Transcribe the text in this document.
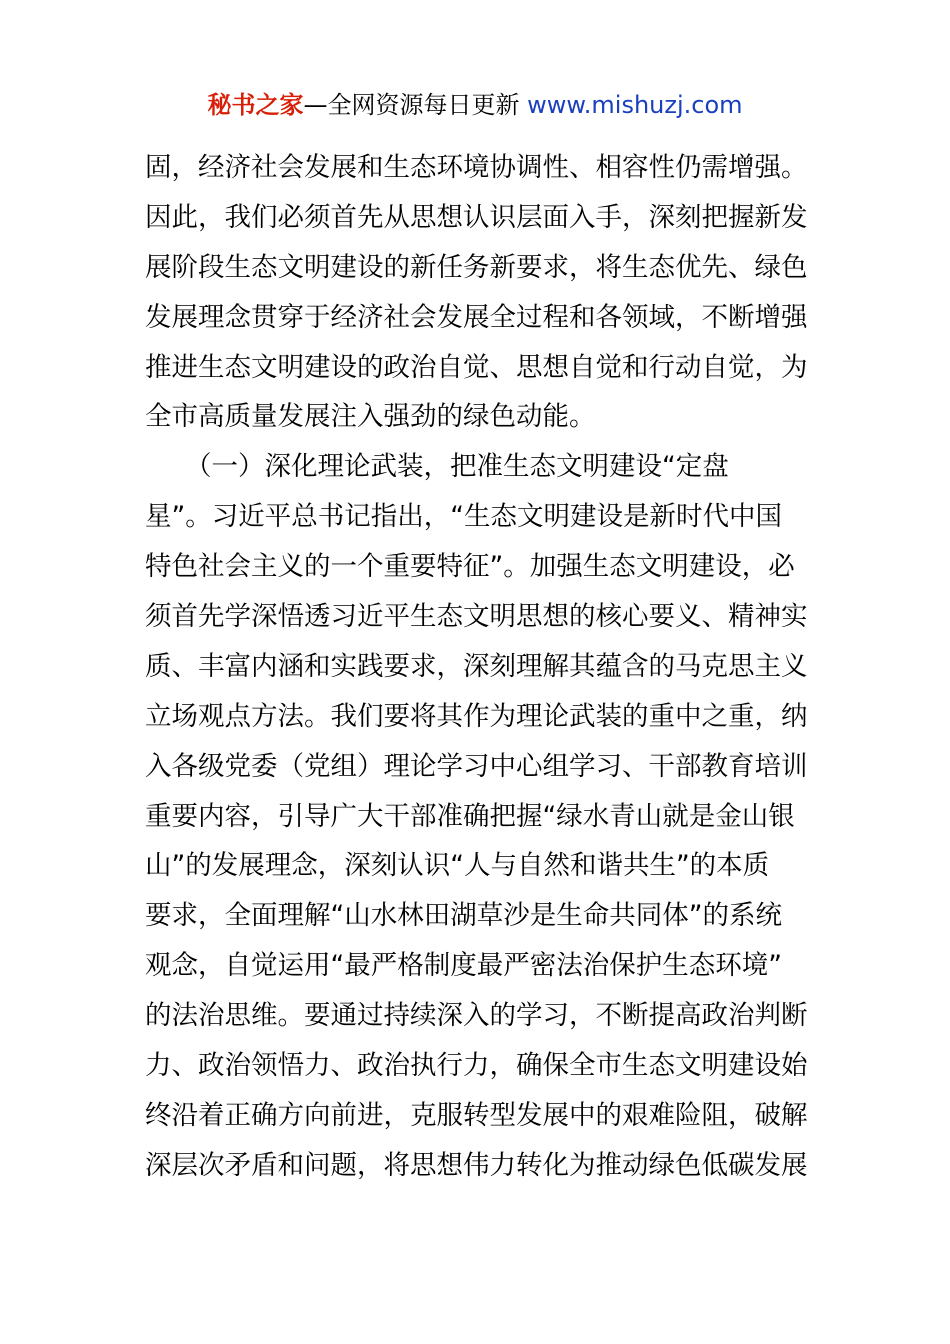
秘书之家—全网资源每日更新 www.mishuzj.com
固，经济社会发展和生态环境协调性、相容性仍需增强。
因此，我们必须首先从思想认识层面入手，深刻把握新发
展阶段生态文明建设的新任务新要求，将生态优先、绿色
发展理念贯穿于经济社会发展全过程和各领域，不断增强
推进生态文明建设的政治自觉、思想自觉和行动自觉，为
全市高质量发展注入强劲的绿色动能。
（一）深化理论武装，把准生态文明建设“定盘
星”。习近平总书记指出，“生态文明建设是新时代中国
特色社会主义的一个重要特征”。加强生态文明建设，必
须首先学深悟透习近平生态文明思想的核心要义、精神实
质、丰富内涵和实践要求，深刻理解其蕴含的马克思主义
立场观点方法。我们要将其作为理论武装的重中之重，纳
入各级党委（党组）理论学习中心组学习、干部教育培训
重要内容，引导广大干部准确把握“绿水青山就是金山银
山”的发展理念，深刻认识“人与自然和谐共生”的本质
要求，全面理解“山水林田湖草沙是生命共同体”的系统
观念，自觉运用“最严格制度最严密法治保护生态环境”
的法治思维。要通过持续深入的学习，不断提高政治判断
力、政治领悟力、政治执行力，确保全市生态文明建设始
终沿着正确方向前进，克服转型发展中的艰难险阻，破解
深层次矛盾和问题，将思想伟力转化为推动绿色低碳发展
